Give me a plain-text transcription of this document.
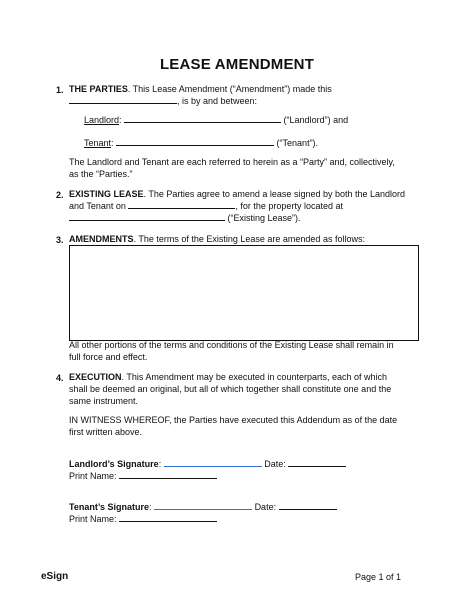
LEASE AMENDMENT
1. THE PARTIES. This Lease Amendment (“Amendment”) made this
, is by and between:
Landlord:	(“Landlord”) and
Tenant:	(“Tenant”).
The Landlord and Tenant are each referred to herein as a “Party” and, collectively,
as the “Parties.”
2. EXISTING LEASE. The Parties agree to amend a lease signed by both the Landlord
and Tenant on	, for the property located at
(“Existing Lease”).
3. AMENDMENTS. The terms of the Existing Lease are amended as follows:
All other portions of the terms and conditions of the Existing Lease shall remain in
full force and effect.
4. EXECUTION. This Amendment may be executed in counterparts, each of which
shall be deemed an original, but all of which together shall constitute one and the
same instrument.
IN WITNESS WHEREOF, the Parties have executed this Addendum as of the date
first written above.
Landlord’s Signature:	Date:
Print Name:
Tenant’s Signature:	Date:
Print Name:
eSign	Page 1 of 1
